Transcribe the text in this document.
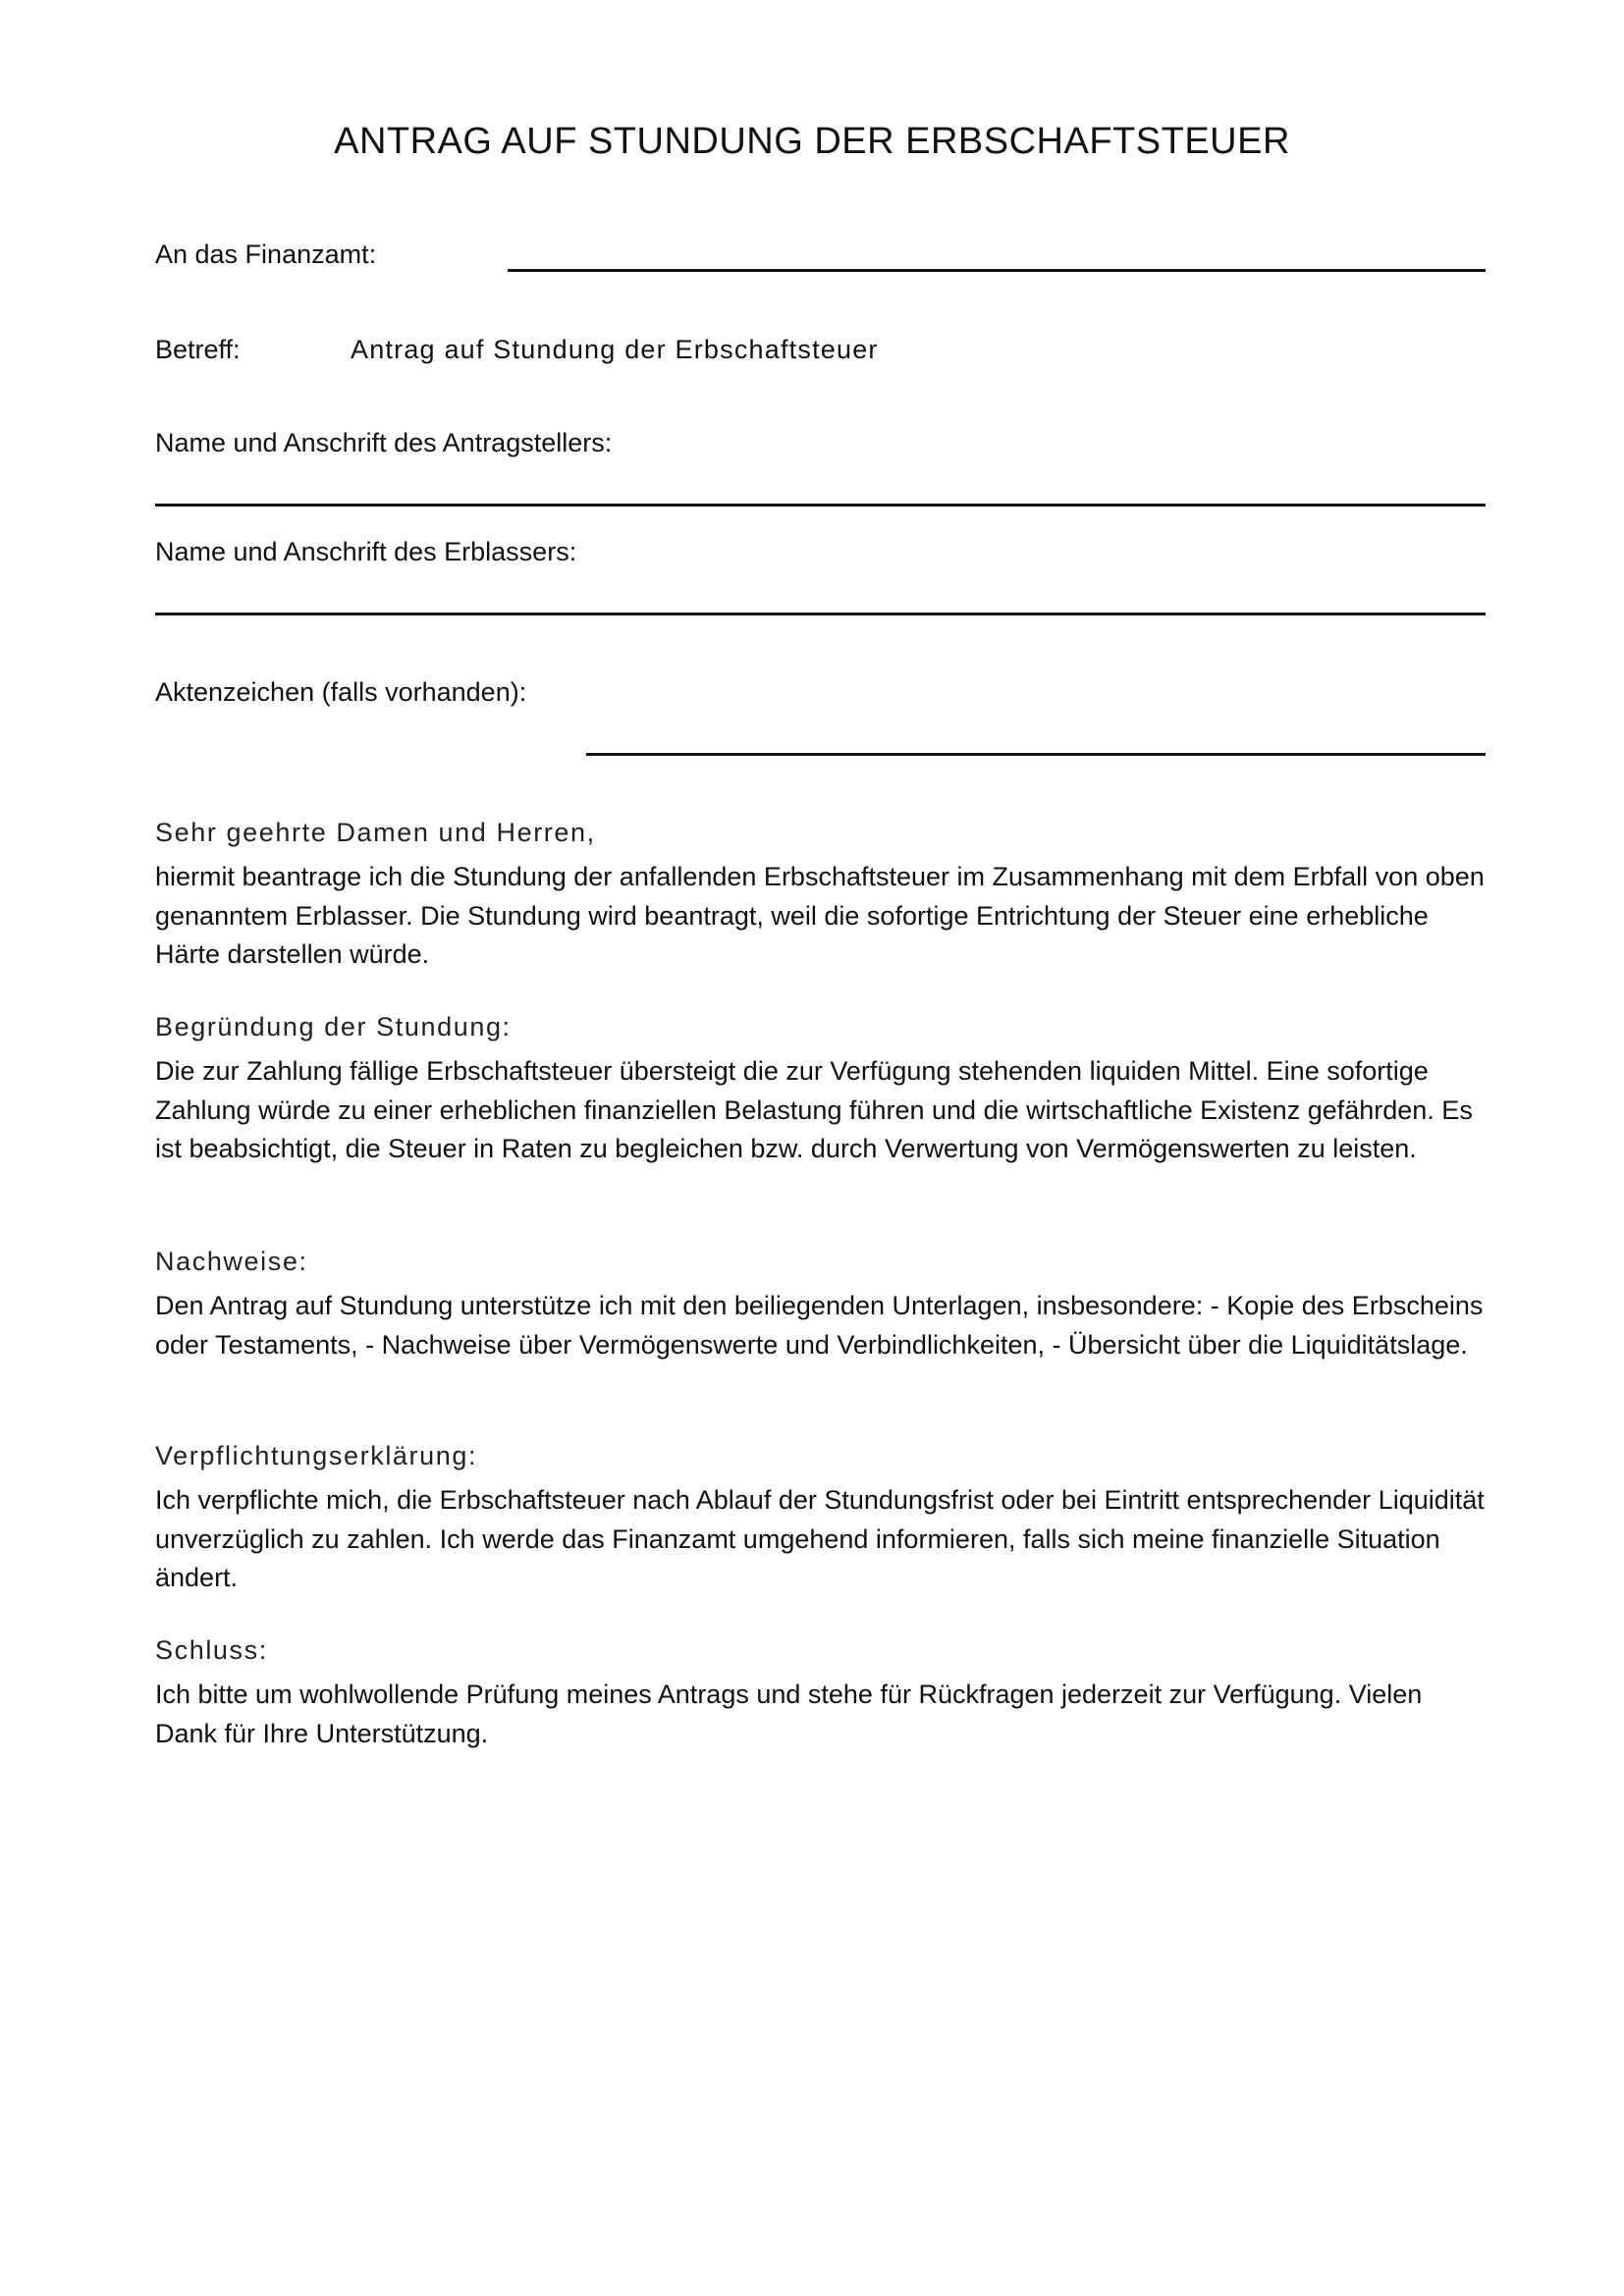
ANTRAG AUF STUNDUNG DER ERBSCHAFTSTEUER
An das Finanzamt:
Betreff:	Antrag auf Stundung der Erbschaftsteuer
Name und Anschrift des Antragstellers:
Name und Anschrift des Erblassers:
Aktenzeichen (falls vorhanden):
Sehr geehrte Damen und Herren,
hiermit beantrage ich die Stundung der anfallenden Erbschaftsteuer im Zusammenhang mit dem Erbfall von oben genanntem Erblasser. Die Stundung wird beantragt, weil die sofortige Entrichtung der Steuer eine erhebliche Härte darstellen würde.
Begründung der Stundung:
Die zur Zahlung fällige Erbschaftsteuer übersteigt die zur Verfügung stehenden liquiden Mittel. Eine sofortige Zahlung würde zu einer erheblichen finanziellen Belastung führen und die wirtschaftliche Existenz gefährden. Es ist beabsichtigt, die Steuer in Raten zu begleichen bzw. durch Verwertung von Vermögenswerten zu leisten.
Nachweise:
Den Antrag auf Stundung unterstütze ich mit den beiliegenden Unterlagen, insbesondere: - Kopie des Erbscheins oder Testaments, - Nachweise über Vermögenswerte und Verbindlichkeiten, - Übersicht über die Liquiditätslage.
Verpflichtungserklärung:
Ich verpflichte mich, die Erbschaftsteuer nach Ablauf der Stundungsfrist oder bei Eintritt entsprechender Liquidität unverzüglich zu zahlen. Ich werde das Finanzamt umgehend informieren, falls sich meine finanzielle Situation ändert.
Schluss:
Ich bitte um wohlwollende Prüfung meines Antrags und stehe für Rückfragen jederzeit zur Verfügung. Vielen Dank für Ihre Unterstützung.
